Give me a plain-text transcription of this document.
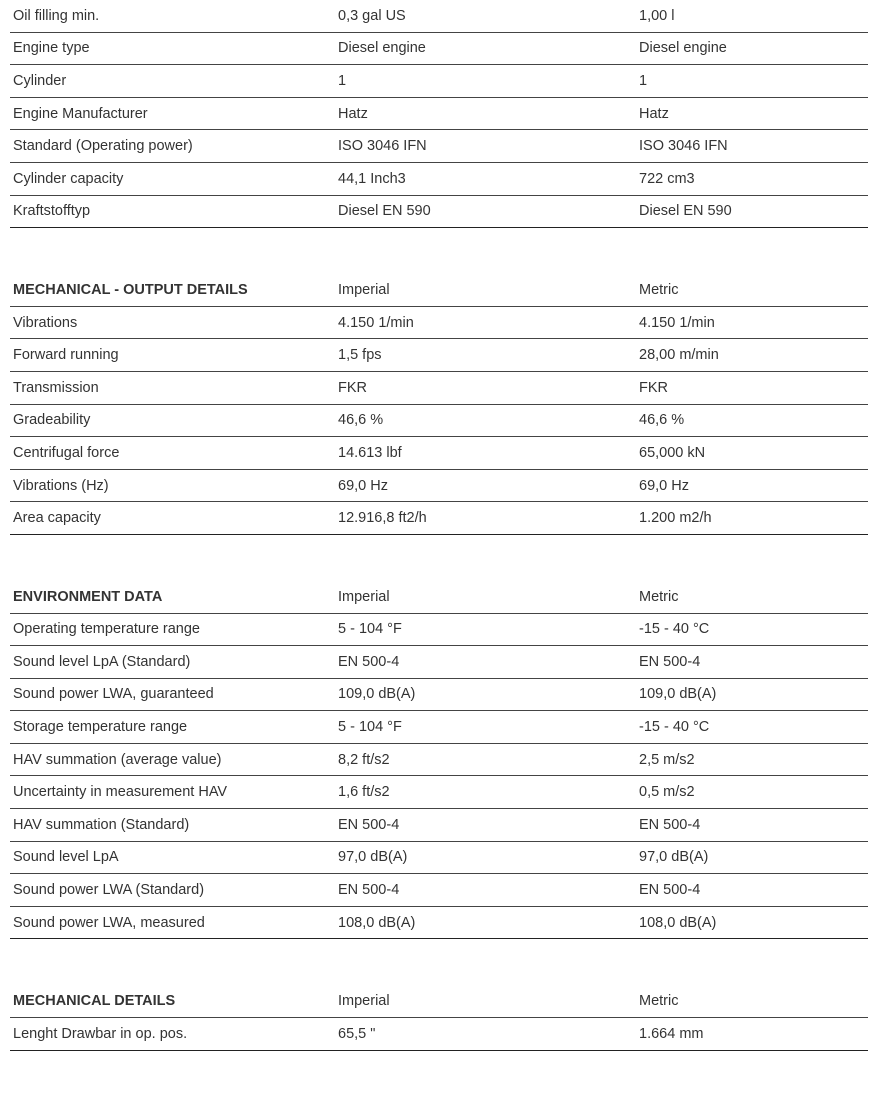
Oil filling min.	0,3 gal US	1,00 l
Engine type	Diesel engine	Diesel engine
Cylinder	1	1
Engine Manufacturer	Hatz	Hatz
Standard (Operating power)	ISO 3046 IFN	ISO 3046 IFN
Cylinder capacity	44,1 Inch3	722 cm3
Kraftstofftyp	Diesel EN 590	Diesel EN 590
MECHANICAL - OUTPUT DETAILS	Imperial	Metric
Vibrations	4.150 1/min	4.150 1/min
Forward running	1,5 fps	28,00 m/min
Transmission	FKR	FKR
Gradeability	46,6 %	46,6 %
Centrifugal force	14.613 lbf	65,000 kN
Vibrations (Hz)	69,0 Hz	69,0 Hz
Area capacity	12.916,8 ft2/h	1.200 m2/h
ENVIRONMENT DATA	Imperial	Metric
Operating temperature range	5 - 104 °F	-15 - 40 °C
Sound level LpA (Standard)	EN 500-4	EN 500-4
Sound power LWA, guaranteed	109,0 dB(A)	109,0 dB(A)
Storage temperature range	5 - 104 °F	-15 - 40 °C
HAV summation (average value)	8,2 ft/s2	2,5 m/s2
Uncertainty in measurement HAV	1,6 ft/s2	0,5 m/s2
HAV summation (Standard)	EN 500-4	EN 500-4
Sound level LpA	97,0 dB(A)	97,0 dB(A)
Sound power LWA (Standard)	EN 500-4	EN 500-4
Sound power LWA, measured	108,0 dB(A)	108,0 dB(A)
MECHANICAL DETAILS	Imperial	Metric
Lenght Drawbar in op. pos.	65,5 "	1.664 mm
